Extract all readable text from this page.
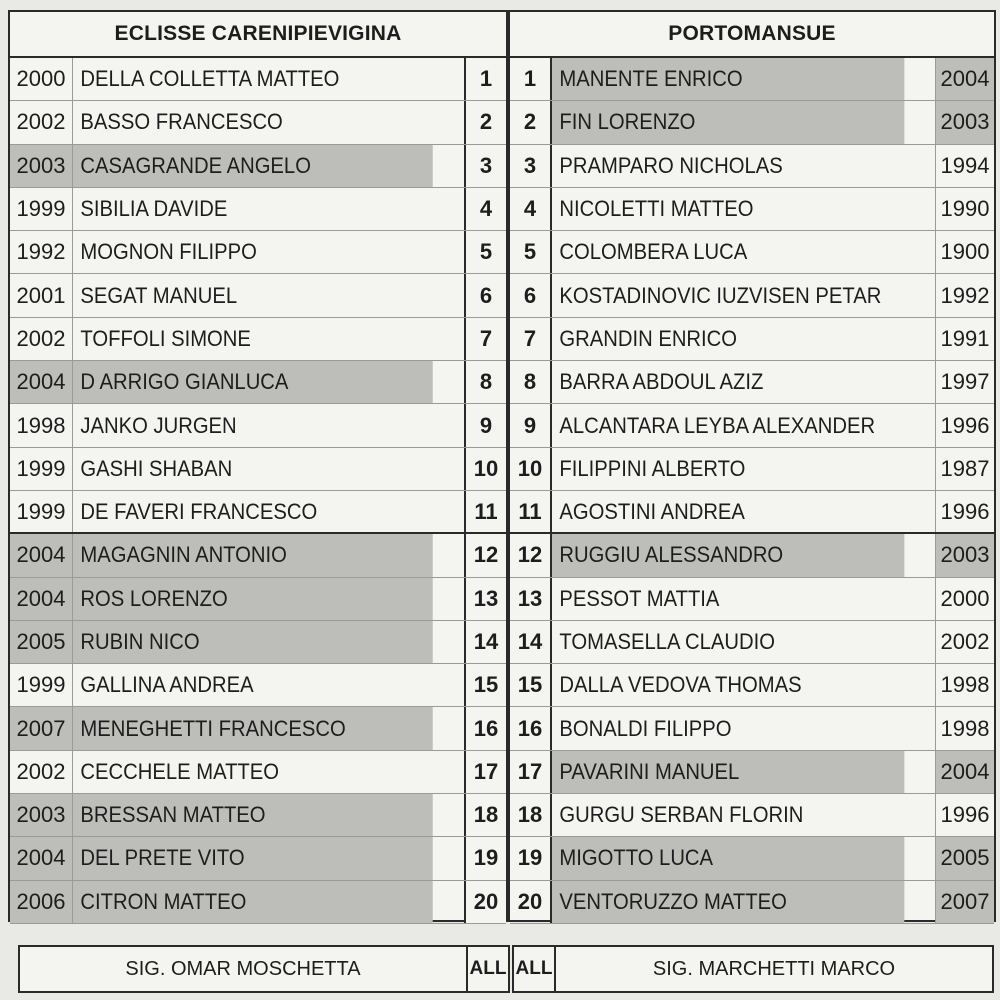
ECLISSE CARENIPIEVIGINA
2000 DELLA COLLETTA MATTEO	1
2002 BASSO FRANCESCO	2
2003 CASAGRANDE ANGELO	3
1999 SIBILIA DAVIDE	4
1992 MOGNON FILIPPO	5
2001 SEGAT MANUEL	6
2002 TOFFOLI SIMONE	7
2004 D ARRIGO GIANLUCA	8
1998 JANKO JURGEN	9
1999 GASHI SHABAN	10
1999 DE FAVERI FRANCESCO	11
2004 MAGAGNIN ANTONIO	12
2004 ROS LORENZO	13
2005 RUBIN NICO	14
1999 GALLINA ANDREA	15
2007 MENEGHETTI FRANCESCO	16
2002 CECCHELE MATTEO	17
2003 BRESSAN MATTEO	18
2004 DEL PRETE VITO	19
2006 CITRON MATTEO	20
PORTOMANSUE
1	MANENTE ENRICO	2004
2	FIN LORENZO	2003
3	PRAMPARO NICHOLAS	1994
4	NICOLETTI MATTEO	1990
5	COLOMBERA LUCA	1900
6	KOSTADINOVIC IUZVISEN PETAR	1992
7	GRANDIN ENRICO	1991
8	BARRA ABDOUL AZIZ	1997
9	ALCANTARA LEYBA ALEXANDER	1996
10 FILIPPINI ALBERTO	1987
11 AGOSTINI ANDREA	1996
12 RUGGIU ALESSANDRO	2003
13 PESSOT MATTIA	2000
14 TOMASELLA CLAUDIO	2002
15 DALLA VEDOVA THOMAS	1998
16 BONALDI FILIPPO	1998
17 PAVARINI MANUEL	2004
18 GURGU SERBAN FLORIN	1996
19 MIGOTTO LUCA	2005
20 VENTORUZZO MATTEO	2007
SIG. OMAR MOSCHETTA	ALL ALL	SIG. MARCHETTI MARCO
